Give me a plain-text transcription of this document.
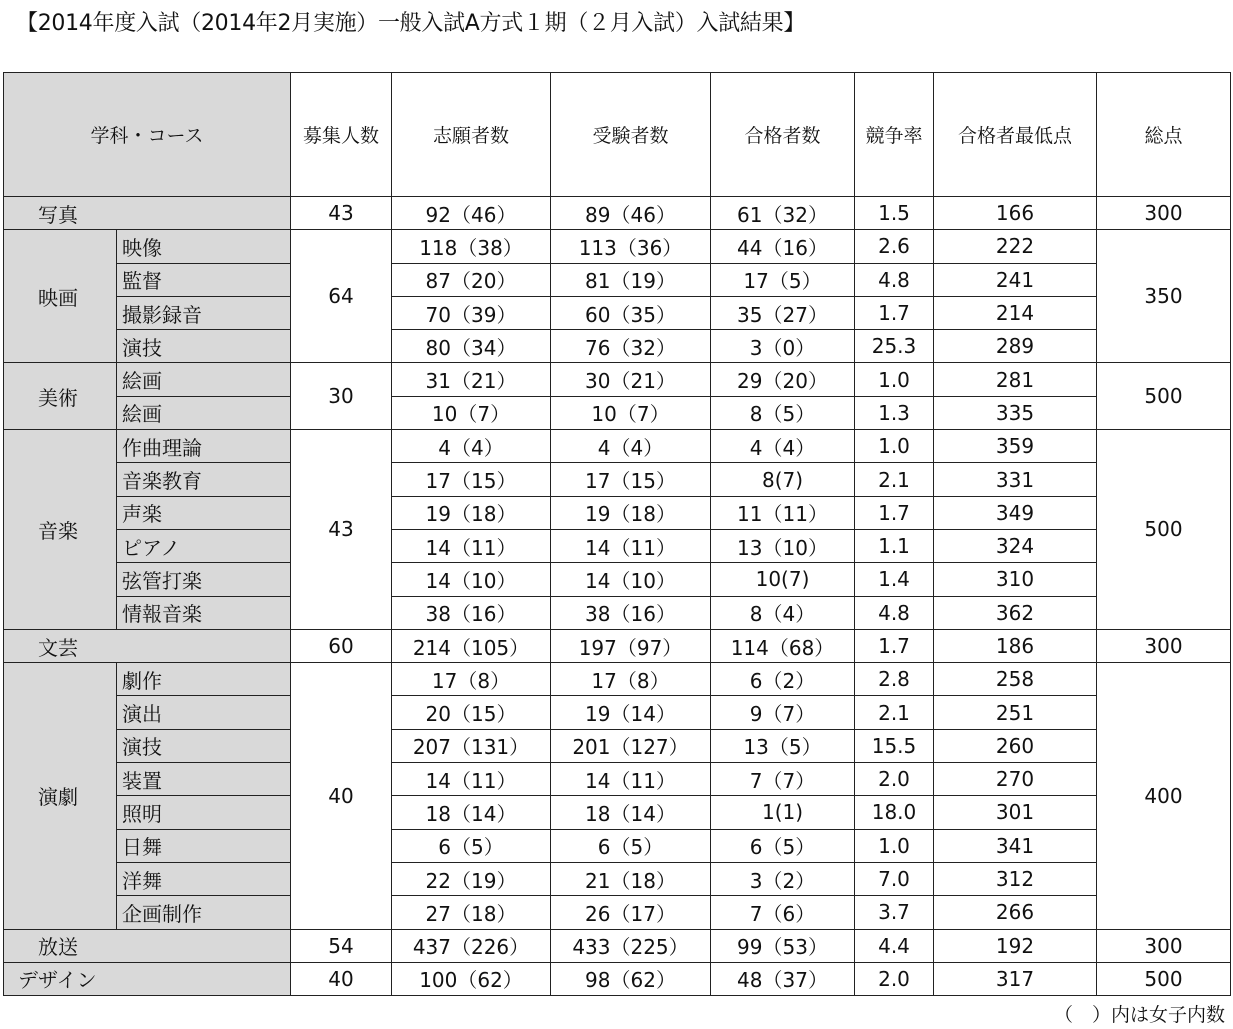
【2014年度入試（2014年2月実施）一般入試A方式１期（２月入試）入試結果】
学科・コース		募集人数	志願者数	受験者数	合格者数	競争率	合格者最低点	総点
写真		43	92（46）	89（46）	61（32）	1.5	166	300
映画	映像	64	118（38）	113（36）	44（16）	2.6	222	350
	監督		87（20）	81（19）	17（5）	4.8	241	
	撮影録音		70（39）	60（35）	35（27）	1.7	214	
	演技		80（34）	76（32）	3（0）	25.3	289	
美術	絵画	30	31（21）	30（21）	29（20）	1.0	281	500
	絵画		10（7）	10（7）	8（5）	1.3	335	
音楽	作曲理論	43	4（4）	4（4）	4（4）	1.0	359	500
	音楽教育		17（15）	17（15）	8(7)	2.1	331	
	声楽		19（18）	19（18）	11（11）	1.7	349	
	ピアノ		14（11）	14（11）	13（10）	1.1	324	
	弦管打楽		14（10）	14（10）	10(7)	1.4	310	
	情報音楽		38（16）	38（16）	8（4）	4.8	362	
文芸		60	214（105）	197（97）	114（68）	1.7	186	300
演劇	劇作	40	17（8）	17（8）	6（2）	2.8	258	400
	演出		20（15）	19（14）	9（7）	2.1	251	
	演技		207（131）	201（127）	13（5）	15.5	260	
	装置		14（11）	14（11）	7（7）	2.0	270	
	照明		18（14）	18（14）	1(1)	18.0	301	
	日舞		6（5）	6（5）	6（5）	1.0	341	
	洋舞		22（19）	21（18）	3（2）	7.0	312	
	企画制作		27（18）	26（17）	7（6）	3.7	266	
放送		54	437（226）	433（225）	99（53）	4.4	192	300
デザイン		40	100（62）	98（62）	48（37）	2.0	317	500
（　）内は女子内数
